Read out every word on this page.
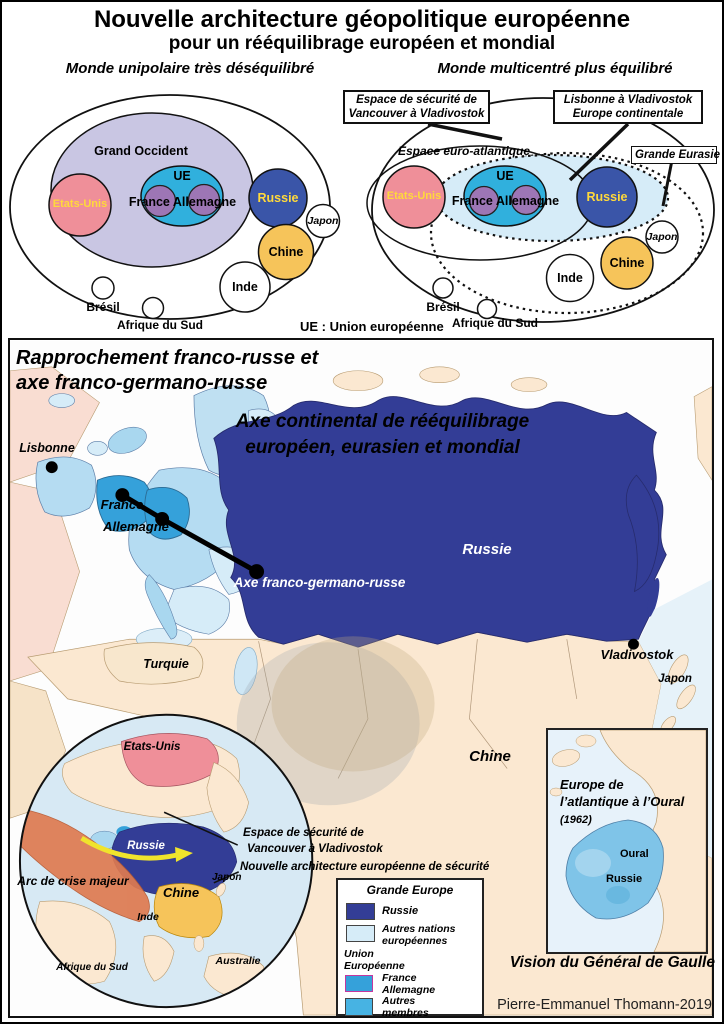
Nouvelle architecture géopolitique européenne
pour un rééquilibrage européen et mondial
Monde unipolaire très déséquilibré
Grand Occident
UE
France Allemagne
Etats-Unis	Russie
Japon
Chine
Inde
Brésil
Afrique du Sud
Monde multicentré plus équilibré
Espace de sécurité de
Vancouver à Vladivostok
Lisbonne à Vladivostok
Europe continentale
Grande Eurasie
Espace euro-atlantique
Etats-Unis
UE
France Allemagne	Russie
Japon
Chine
Inde
Brésil
Afrique du Sud
UE : Union européenne
Rapprochement franco-russe et
axe franco-germano-russe
Axe continental de rééquilibrage
européen, eurasien et mondial
Lisbonne
France
Allemagne
Axe franco-germano-russe
Russie
Turquie
Vladivostok
Japon
Chine
Etats-Unis
Russie
Arc de crise majeur
Chine
Japon
Inde
Afrique du Sud
Australie
Espace de sécurité de
Vancouver à Vladivostok
Nouvelle architecture européenne de sécurité
Grande Europe
Russie
Autres nations
européennes
Union
Européenne
France
Allemagne
Autres
membres
Europe de
l’atlantique à l’Oural
(1962)
Oural
Russie
Vision du Général de Gaulle
Pierre-Emmanuel Thomann-2019
